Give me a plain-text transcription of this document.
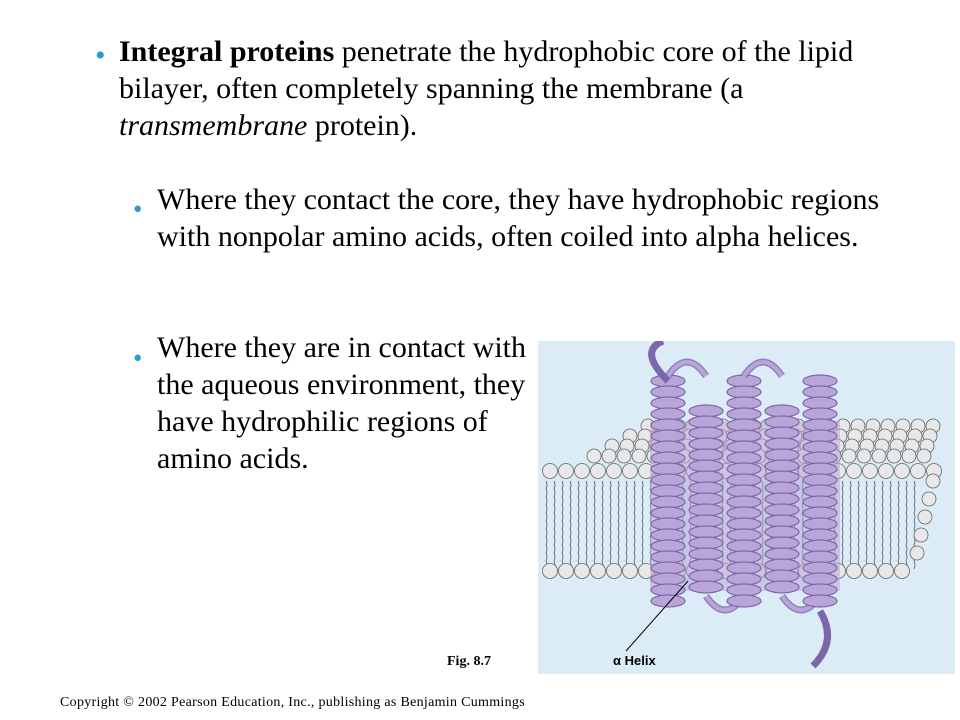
• Integral proteins penetrate the hydrophobic core of the lipid bilayer, often completely spanning the membrane (a transmembrane protein).

• Where they contact the core, they have hydrophobic regions with nonpolar amino acids, often coiled into alpha helices.

• Where they are in contact with the aqueous environment, they have hydrophilic regions of amino acids.

α Helix
Fig. 8.7
Copyright © 2002 Pearson Education, Inc., publishing as Benjamin Cummings
